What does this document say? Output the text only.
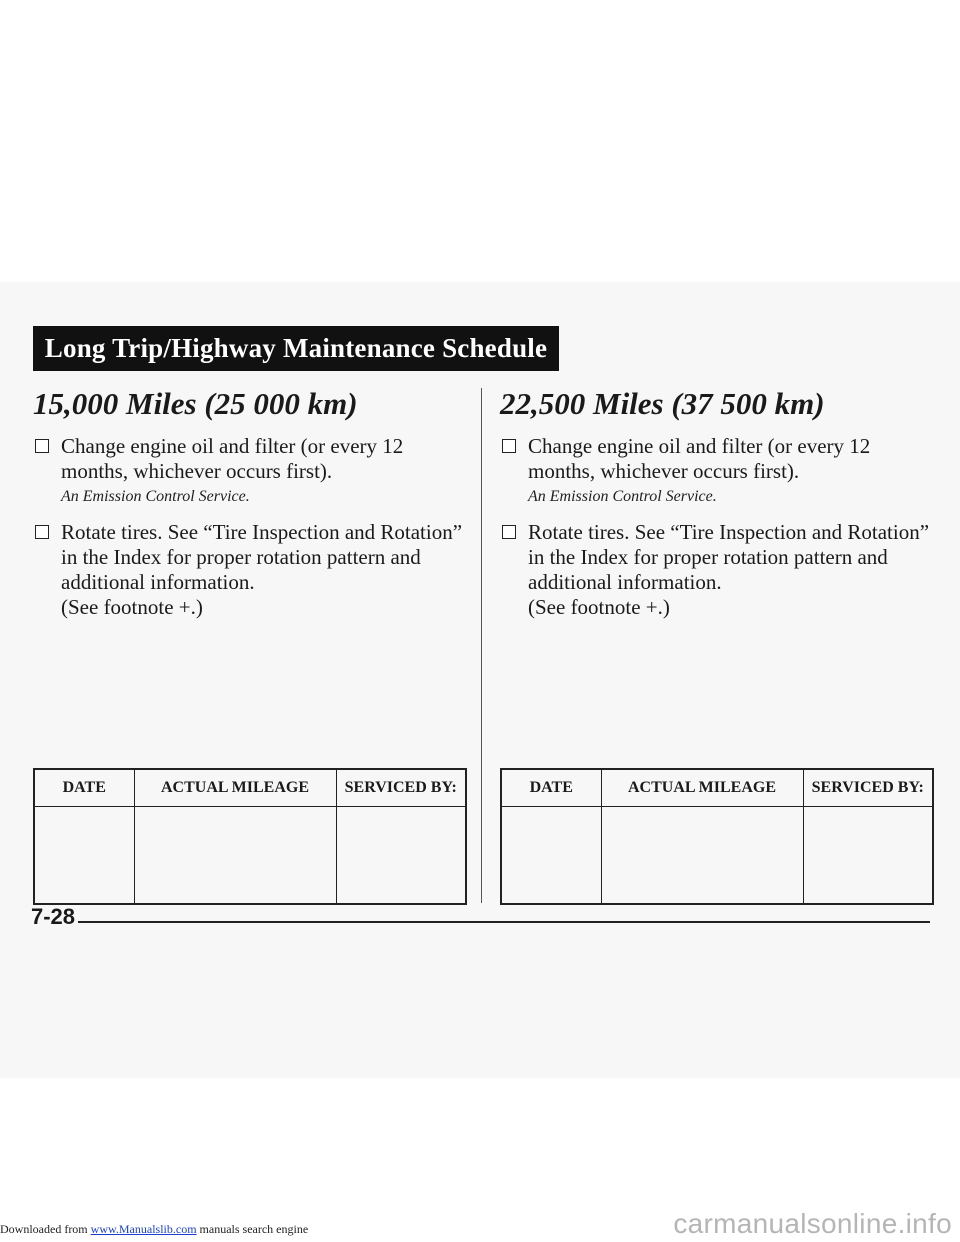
Long Trip/Highway Maintenance Schedule
15,000 Miles (25 000 km)
Change engine oil and filter (or every 12 months, whichever occurs first).
An Emission Control Service.
Rotate tires. See “Tire Inspection and Rotation” in the Index for proper rotation pattern and additional information.
(See footnote +.)
DATE	ACTUAL MILEAGE	SERVICED BY:

22,500 Miles (37 500 km)
Change engine oil and filter (or every 12 months, whichever occurs first).
An Emission Control Service.
Rotate tires. See “Tire Inspection and Rotation” in the Index for proper rotation pattern and additional information.
(See footnote +.)
DATE	ACTUAL MILEAGE	SERVICED BY:

7-28
Downloaded from www.Manualslib.com manuals search engine	carmanualsonline.info
